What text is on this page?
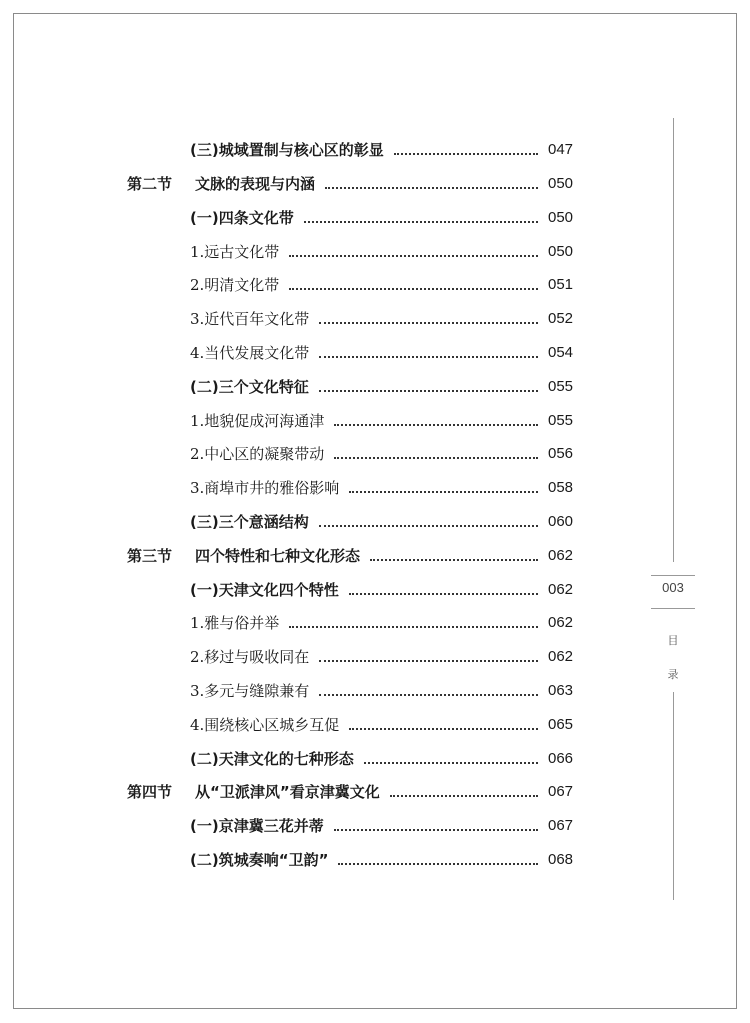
(三)城域置制与核心区的彰显	047
第二节 文脉的表现与内涵	050
(一)四条文化带	050
1.远古文化带	050
2.明清文化带	051
3.近代百年文化带	052
4.当代发展文化带	054
(二)三个文化特征	055
1.地貌促成河海通津	055
2.中心区的凝聚带动	056
3.商埠市井的雅俗影响	058
(三)三个意涵结构	060
第三节 四个特性和七种文化形态	062
(一)天津文化四个特性	062
1.雅与俗并举	062
2.移过与吸收同在	062
3.多元与缝隙兼有	063
4.围绕核心区城乡互促	065
(二)天津文化的七种形态	066
第四节 从“卫派津风”看京津冀文化	067
(一)京津冀三花并蒂	067
(二)筑城奏响“卫韵”	068
003
目
录
